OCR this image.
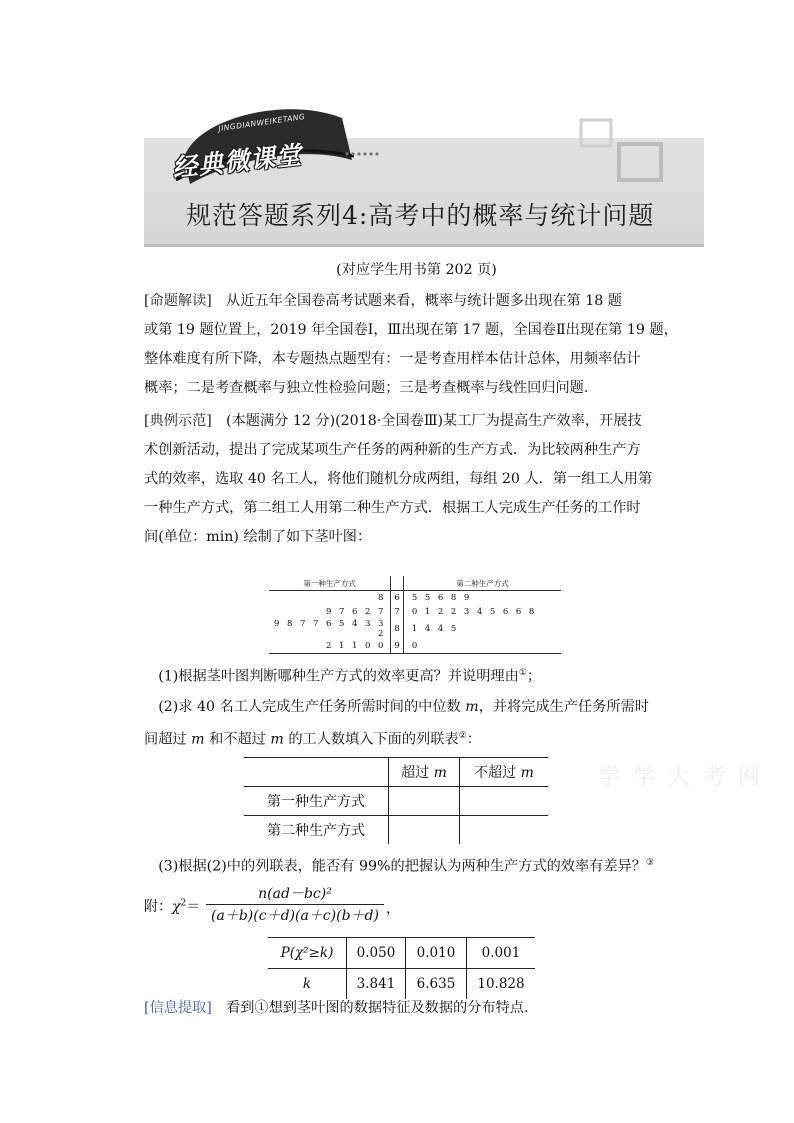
JINGDIANWEIKETANG
经典微课堂
规范答题系列4:高考中的概率与统计问题
(对应学生用书第 202 页)
[命题解读]　 从近五年全国卷高考试题来看，概率与统计题多出现在第 18 题
或第 19 题位置上，2019 年全国卷Ⅰ，Ⅲ出现在第 17 题，全国卷Ⅱ出现在第 19 题，
整体难度有所下降，本专题热点题型有：一是考查用样本估计总体，用频率估计
概率；二是考查概率与独立性检验问题；三是考查概率与线性回归问题.
[典例示范]　 (本题满分 12 分)(2018·全国卷Ⅲ)某工厂为提高生产效率，开展技
术创新活动，提出了完成某项生产任务的两种新的生产方式．为比较两种生产方
式的效率，选取 40 名工人，将他们随机分成两组，每组 20 人．第一组工人用第
一种生产方式，第二组工人用第二种生产方式．根据工人完成生产任务的工作时
间(单位：min) 绘制了如下茎叶图：
第一种生产方式		第二种生产方式
8	6	5 5 6 8 9
9 7 6 2 7	7	0 1 2 2 3 4 5 6 6 8
9 8 7 7 6 5 4 3 32	8	1 4 4 5
2 1 1 0 0	9	0
　(1)根据茎叶图判断哪种生产方式的效率更高？并说明理由①；
　(2)求 40 名工人完成生产任务所需时间的中位数 m，并将完成生产任务所需时
间超过 m 和不超过 m 的工人数填入下面的列联表②：
	超过 m	不超过 m
第一种生产方式		
第二种生产方式		
　(3)根据(2)中的列联表，能否有 99%的把握认为两种生产方式的效率有差异？③
附：$\chi^2=$
n(ad－bc)²
(a＋b)(c＋d)(a＋c)(b＋d) ，
P(χ²≥k)	0.050	0.010	0.001
k	3.841	6.635	10.828
[信息提取]　 看到①想到茎叶图的数据特征及数据的分布特点.
学 学 大 考 网
